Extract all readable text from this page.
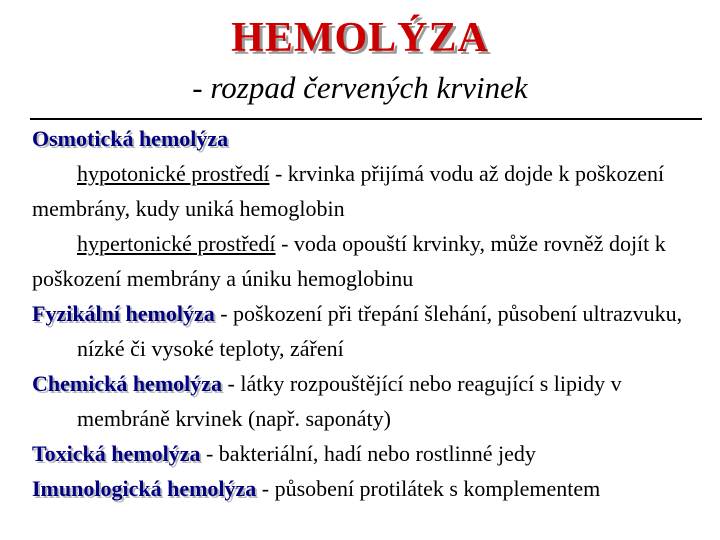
HEMOLÝZA
- rozpad červených krvinek

Osmotická hemolýza

hypotonické prostředí - krvinka přijímá vodu až dojde k poškození membrány, kudy uniká hemoglobin

hypertonické prostředí - voda opouští krvinky, může rovněž dojít k poškození membrány a úniku hemoglobinu

Fyzikální hemolýza - poškození při třepání šlehání, působení ultrazvuku, nízké či vysoké teploty, záření

Chemická hemolýza - látky rozpouštějící nebo reagující s lipidy v membráně krvinek (např. saponáty)

Toxická hemolýza - bakteriální, hadí nebo rostlinné jedy

Imunologická hemolýza - působení protilátek s komplementem
